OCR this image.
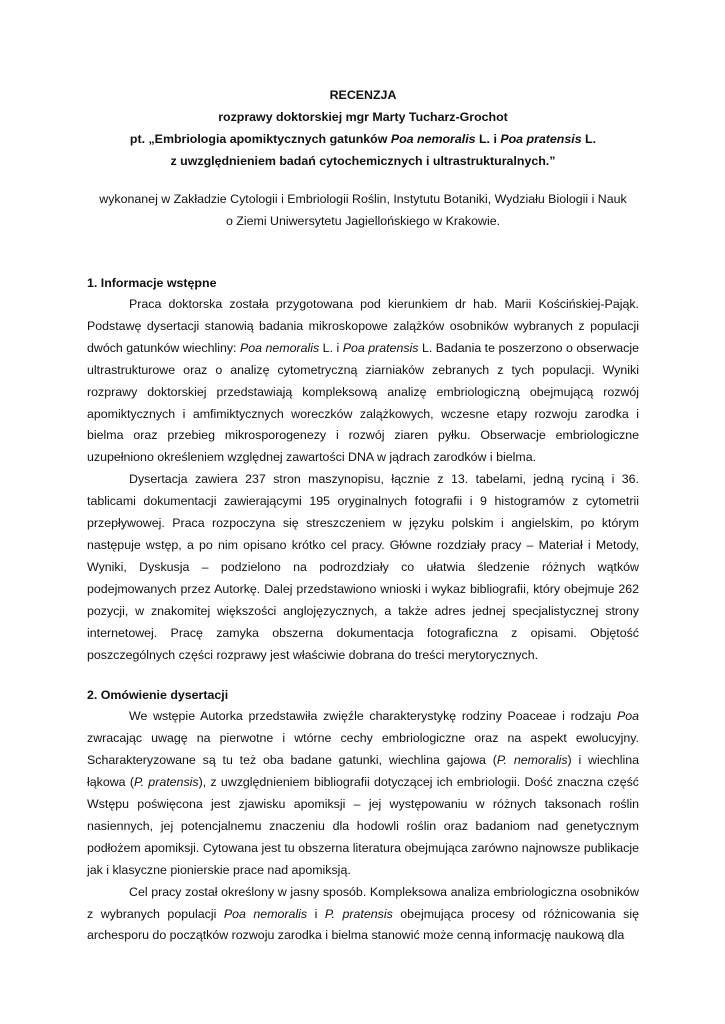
RECENZJA
rozprawy doktorskiej mgr Marty Tucharz-Grochot
pt. „Embriologia apomiktycznych gatunków Poa nemoralis L. i Poa pratensis L.
z uwzględnieniem badań cytochemicznych i ultrastrukturalnych.”
wykonanej w Zakładzie Cytologii i Embriologii Roślin, Instytutu Botaniki, Wydziału Biologii i Nauk
o Ziemi Uniwersytetu Jagiellońskiego w Krakowie.
1. Informacje wstępne

Praca doktorska została przygotowana pod kierunkiem dr hab. Marii Kościńskiej-Pająk. Podstawę dysertacji stanowią badania mikroskopowe zalążków osobników wybranych z populacji dwóch gatunków wiechliny: Poa nemoralis L. i Poa pratensis L. Badania te poszerzono o obserwacje ultrastrukturowe oraz o analizę cytometryczną ziarniaków zebranych z tych populacji. Wyniki rozprawy doktorskiej przedstawiają kompleksową analizę embriologiczną obejmującą rozwój apomiktycznych i amfimiktycznych woreczków zalążkowych, wczesne etapy rozwoju zarodka i bielma oraz przebieg mikrosporogenezy i rozwój ziaren pyłku. Obserwacje embriologiczne uzupełniono określeniem względnej zawartości DNA w jądrach zarodków i bielma.

Dysertacja zawiera 237 stron maszynopisu, łącznie z 13. tabelami, jedną ryciną i 36. tablicami dokumentacji zawierającymi 195 oryginalnych fotografii i 9 histogramów z cytometrii przepływowej. Praca rozpoczyna się streszczeniem w języku polskim i angielskim, po którym następuje wstęp, a po nim opisano krótko cel pracy. Główne rozdziały pracy – Materiał i Metody, Wyniki, Dyskusja – podzielono na podrozdziały co ułatwia śledzenie różnych wątków podejmowanych przez Autorkę. Dalej przedstawiono wnioski i wykaz bibliografii, który obejmuje 262 pozycji, w znakomitej większości anglojęzycznych, a także adres jednej specjalistycznej strony internetowej. Pracę zamyka obszerna dokumentacja fotograficzna z opisami. Objętość poszczególnych części rozprawy jest właściwie dobrana do treści merytorycznych.

2. Omówienie dysertacji

We wstępie Autorka przedstawiła zwięźle charakterystykę rodziny Poaceae i rodzaju Poa zwracając uwagę na pierwotne i wtórne cechy embriologiczne oraz na aspekt ewolucyjny. Scharakteryzowane są tu też oba badane gatunki, wiechlina gajowa (P. nemoralis) i wiechlina łąkowa (P. pratensis), z uwzględnieniem bibliografii dotyczącej ich embriologii. Dość znaczna część Wstępu poświęcona jest zjawisku apomiksji – jej występowaniu w różnych taksonach roślin nasiennych, jej potencjalnemu znaczeniu dla hodowli roślin oraz badaniom nad genetycznym podłożem apomiksji. Cytowana jest tu obszerna literatura obejmująca zarówno najnowsze publikacje jak i klasyczne pionierskie prace nad apomiksją.

Cel pracy został określony w jasny sposób. Kompleksowa analiza embriologiczna osobników z wybranych populacji Poa nemoralis i P. pratensis obejmująca procesy od różnicowania się archesporu do początków rozwoju zarodka i bielma stanowić może cenną informację naukową dla
